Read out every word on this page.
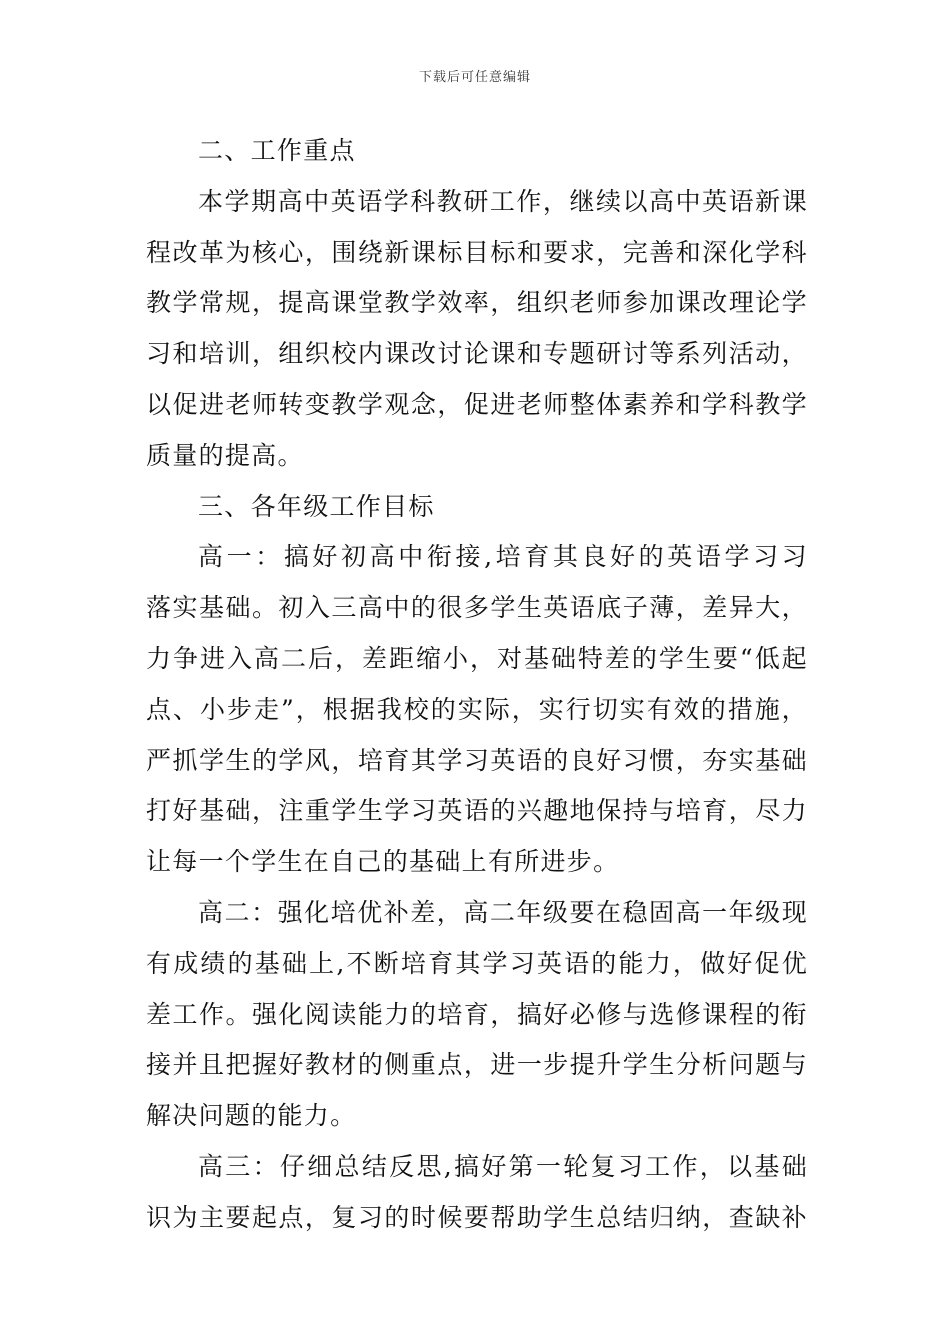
下载后可任意编辑
二、工作重点
本学期高中英语学科教研工作，继续以高中英语新课
程改革为核心，围绕新课标目标和要求，完善和深化学科
教学常规，提高课堂教学效率，组织老师参加课改理论学
习和培训，组织校内课改讨论课和专题研讨等系列活动，
以促进老师转变教学观念，促进老师整体素养和学科教学
质量的提高。
三、各年级工作目标
高一：搞好初高中衔接,培育其良好的英语学习习
落实基础。初入三高中的很多学生英语底子薄，差异大，
力争进入高二后，差距缩小，对基础特差的学生要“低起
点、小步走”，根据我校的实际，实行切实有效的措施，
严抓学生的学风，培育其学习英语的良好习惯，夯实基础
打好基础，注重学生学习英语的兴趣地保持与培育，尽力
让每一个学生在自己的基础上有所进步。
高二：强化培优补差，高二年级要在稳固高一年级现
有成绩的基础上,不断培育其学习英语的能力，做好促优
差工作。强化阅读能力的培育，搞好必修与选修课程的衔
接并且把握好教材的侧重点，进一步提升学生分析问题与
解决问题的能力。
高三：仔细总结反思,搞好第一轮复习工作，以基础
识为主要起点，复习的时候要帮助学生总结归纳，查缺补
